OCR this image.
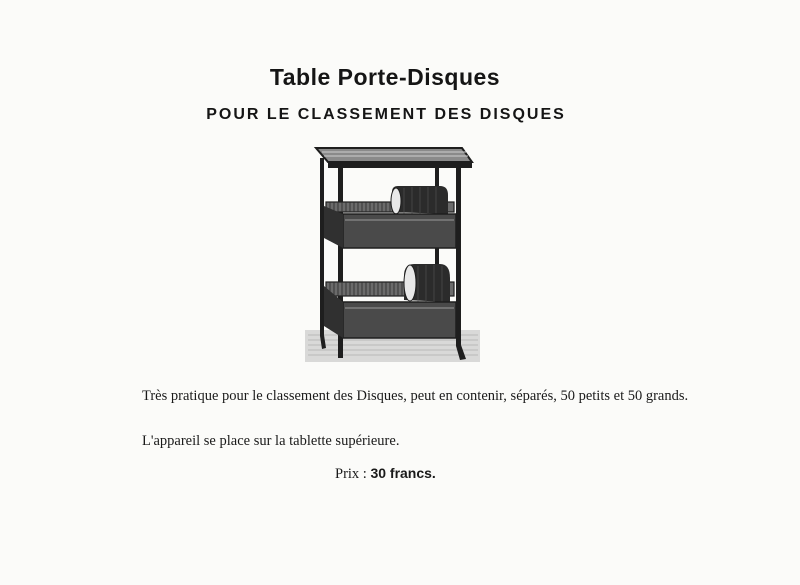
Table Porte-Disques
POUR LE CLASSEMENT DES DISQUES
Très pratique pour le classement des Disques, peut en contenir, séparés, 50 petits et 50 grands.
L'appareil se place sur la tablette supérieure.
Prix : 30 francs.
